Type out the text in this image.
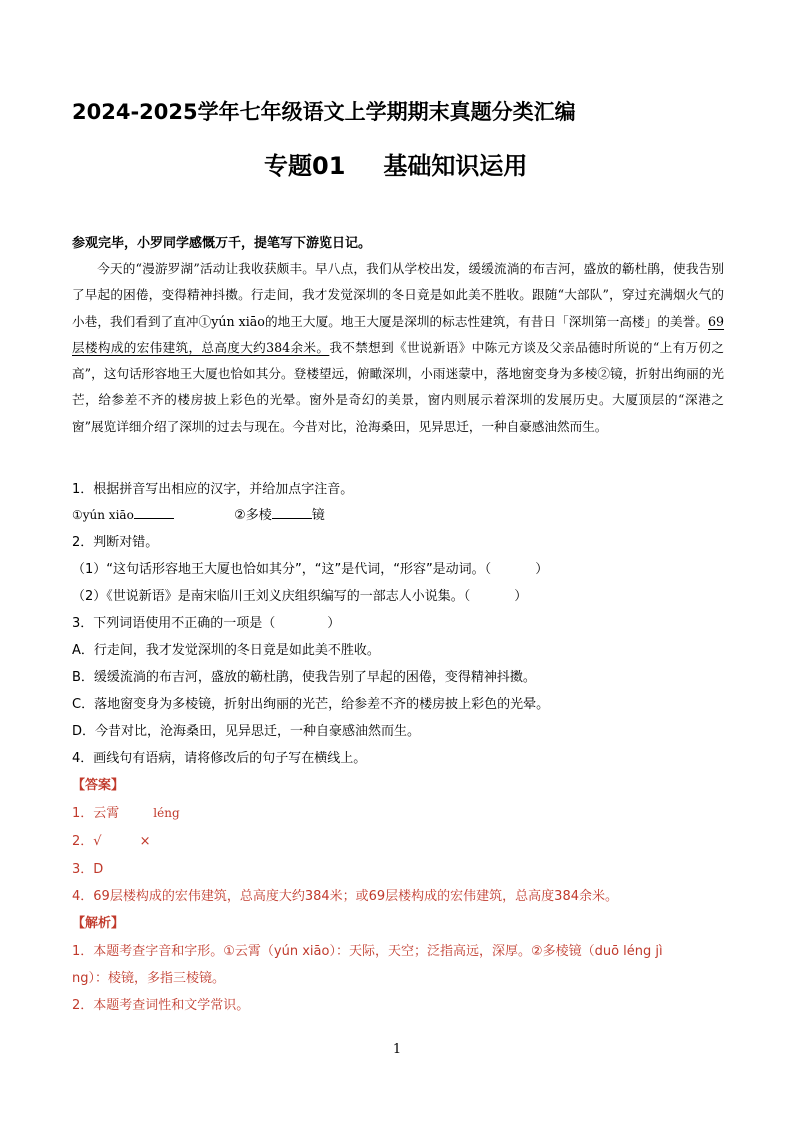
2024-2025学年七年级语文上学期期末真题分类汇编
专题01 基础知识运用
参观完毕，小罗同学感慨万千，提笔写下游览日记。

今天的“漫游罗湖”活动让我收获颇丰。早八点，我们从学校出发，缓缓流淌的布吉河，盛放的簕杜鹃，使我告别了早起的困倦，变得精神抖擞。行走间，我才发觉深圳的冬日竟是如此美不胜收。跟随“大部队”，穿过充满烟火气的小巷，我们看到了直冲①yún xiāo的地王大厦。地王大厦是深圳的标志性建筑，有昔日「深圳第一高楼」的美誉。69层楼构成的宏伟建筑，总高度大约384余米。我不禁想到《世说新语》中陈元方谈及父亲品德时所说的“上有万仞之高”，这句话形容地王大厦也恰如其分。登楼望远，俯瞰深圳，小雨迷蒙中，落地窗变身为多棱②镜，折射出绚丽的光芒，给参差不齐的楼房披上彩色的光晕。窗外是奇幻的美景，窗内则展示着深圳的发展历史。大厦顶层的“深港之窗”展览详细介绍了深圳的过去与现在。今昔对比，沧海桑田，见异思迁，一种自豪感油然而生。

1．根据拼音写出相应的汉字，并给加点字注音。
①yún xiāo	②多棱	镜
2．判断对错。
（1）“这句话形容地王大厦也恰如其分”，“这”是代词，“形容”是动词。（	）
（2）《世说新语》是南宋临川王刘义庆组织编写的一部志人小说集。（	）
3．下列词语使用不正确的一项是（	）
A．行走间，我才发觉深圳的冬日竟是如此美不胜收。
B．缓缓流淌的布吉河，盛放的簕杜鹃，使我告别了早起的困倦，变得精神抖擞。
C．落地窗变身为多棱镜，折射出绚丽的光芒，给参差不齐的楼房披上彩色的光晕。
D．今昔对比，沧海桑田，见异思迁，一种自豪感油然而生。
4．画线句有语病，请将修改后的句子写在横线上。
【答案】
1．云霄	léng
2．√	×
3．D
4．69层楼构成的宏伟建筑，总高度大约384米；或69层楼构成的宏伟建筑，总高度384余米。
【解析】
1．本题考查字音和字形。①云霄（yún xiāo）：天际，天空；泛指高远，深厚。②多棱镜（duō léng jì
ng）：棱镜，多指三棱镜。
2．本题考查词性和文学常识。
1
